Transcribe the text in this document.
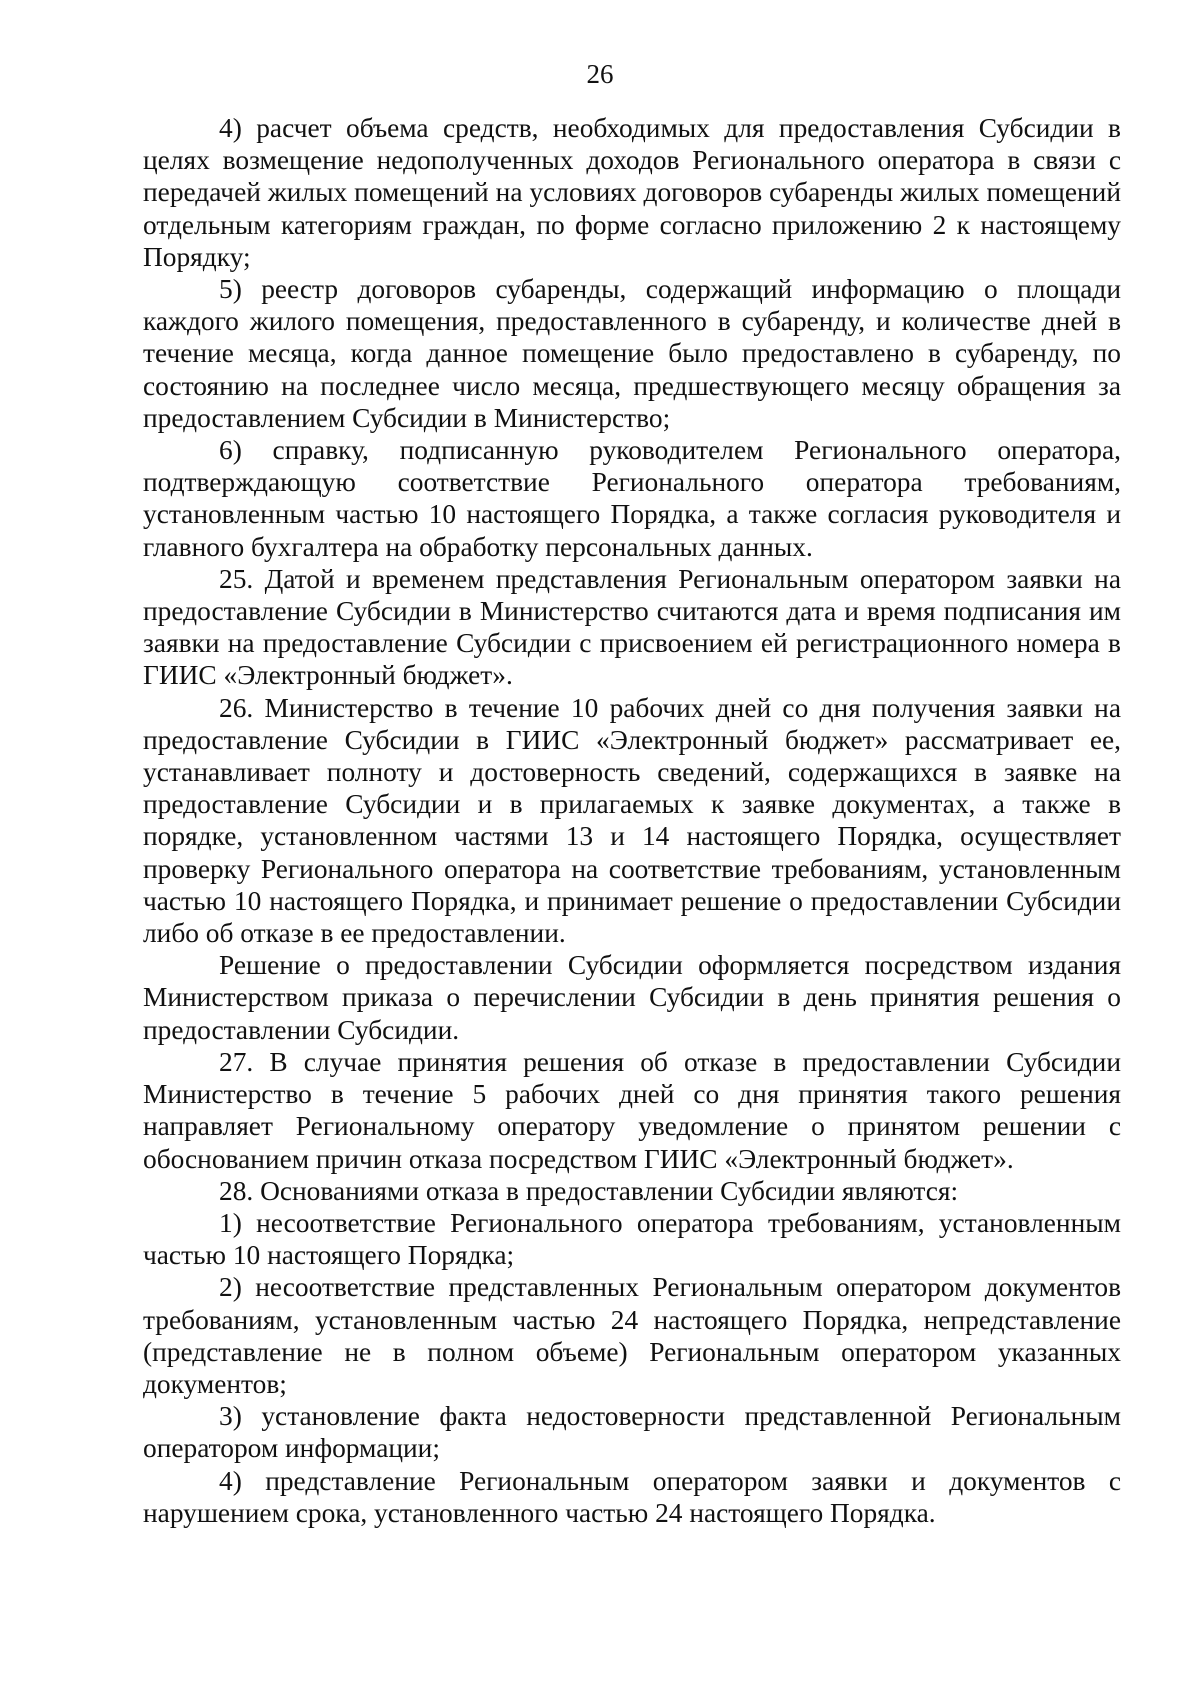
26

4) расчет объема средств, необходимых для предоставления Субсидии в целях возмещение недополученных доходов Регионального оператора в связи с передачей жилых помещений на условиях договоров субаренды жилых помещений отдельным категориям граждан, по форме согласно приложению 2 к настоящему Порядку;

5) реестр договоров субаренды, содержащий информацию о площади каждого жилого помещения, предоставленного в субаренду, и количестве дней в течение месяца, когда данное помещение было предоставлено в субаренду, по состоянию на последнее число месяца, предшествующего месяцу обращения за предоставлением Субсидии в Министерство;

6) справку, подписанную руководителем Регионального оператора, подтверждающую соответствие Регионального оператора требованиям, установленным частью 10 настоящего Порядка, а также согласия руководителя и главного бухгалтера на обработку персональных данных.

25. Датой и временем представления Региональным оператором заявки на предоставление Субсидии в Министерство считаются дата и время подписания им заявки на предоставление Субсидии с присвоением ей регистрационного номера в ГИИС «Электронный бюджет».

26. Министерство в течение 10 рабочих дней со дня получения заявки на предоставление Субсидии в ГИИС «Электронный бюджет» рассматривает ее, устанавливает полноту и достоверность сведений, содержащихся в заявке на предоставление Субсидии и в прилагаемых к заявке документах, а также в порядке, установленном частями 13 и 14 настоящего Порядка, осуществляет проверку Регионального оператора на соответствие требованиям, установленным частью 10 настоящего Порядка, и принимает решение о предоставлении Субсидии либо об отказе в ее предоставлении.

Решение о предоставлении Субсидии оформляется посредством издания Министерством приказа о перечислении Субсидии в день принятия решения о предоставлении Субсидии.

27. В случае принятия решения об отказе в предоставлении Субсидии Министерство в течение 5 рабочих дней со дня принятия такого решения направляет Региональному оператору уведомление о принятом решении с обоснованием причин отказа посредством ГИИС «Электронный бюджет».

28. Основаниями отказа в предоставлении Субсидии являются:

1) несоответствие Регионального оператора требованиям, установленным частью 10 настоящего Порядка;

2) несоответствие представленных Региональным оператором документов требованиям, установленным частью 24 настоящего Порядка, непредставление (представление не в полном объеме) Региональным оператором указанных документов;

3) установление факта недостоверности представленной Региональным оператором информации;

4) представление Региональным оператором заявки и документов с нарушением срока, установленного частью 24 настоящего Порядка.
